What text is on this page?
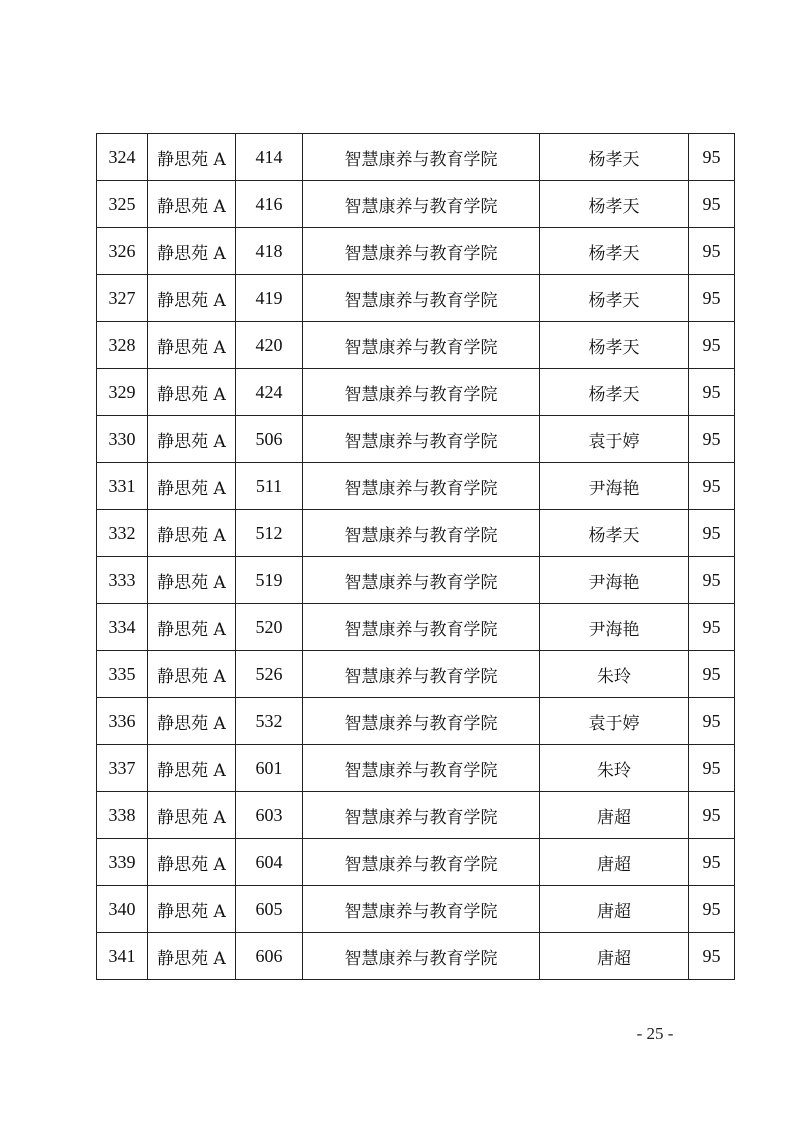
324	静思苑 A	414	智慧康养与教育学院	杨孝天	95
325	静思苑 A	416	智慧康养与教育学院	杨孝天	95
326	静思苑 A	418	智慧康养与教育学院	杨孝天	95
327	静思苑 A	419	智慧康养与教育学院	杨孝天	95
328	静思苑 A	420	智慧康养与教育学院	杨孝天	95
329	静思苑 A	424	智慧康养与教育学院	杨孝天	95
330	静思苑 A	506	智慧康养与教育学院	袁于婷	95
331	静思苑 A	511	智慧康养与教育学院	尹海艳	95
332	静思苑 A	512	智慧康养与教育学院	杨孝天	95
333	静思苑 A	519	智慧康养与教育学院	尹海艳	95
334	静思苑 A	520	智慧康养与教育学院	尹海艳	95
335	静思苑 A	526	智慧康养与教育学院	朱玲	95
336	静思苑 A	532	智慧康养与教育学院	袁于婷	95
337	静思苑 A	601	智慧康养与教育学院	朱玲	95
338	静思苑 A	603	智慧康养与教育学院	唐超	95
339	静思苑 A	604	智慧康养与教育学院	唐超	95
340	静思苑 A	605	智慧康养与教育学院	唐超	95
341	静思苑 A	606	智慧康养与教育学院	唐超	95
- 25 -
